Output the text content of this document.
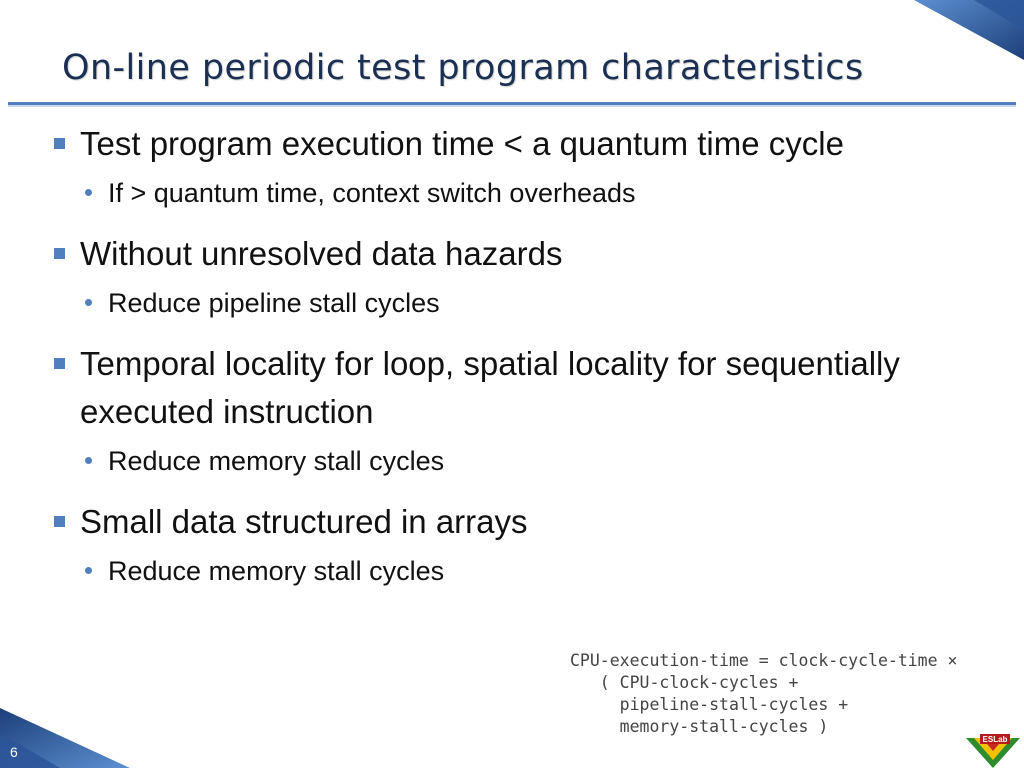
On-line periodic test program characteristics
Test program execution time < a quantum time cycle
If > quantum time, context switch overheads
Without unresolved data hazards
Reduce pipeline stall cycles
Temporal locality for loop, spatial locality for sequentially executed instruction
Reduce memory stall cycles
Small data structured in arrays
Reduce memory stall cycles
CPU-execution-time = clock-cycle-time ×
( CPU-clock-cycles +
pipeline-stall-cycles +
memory-stall-cycles )
6
ESLab
